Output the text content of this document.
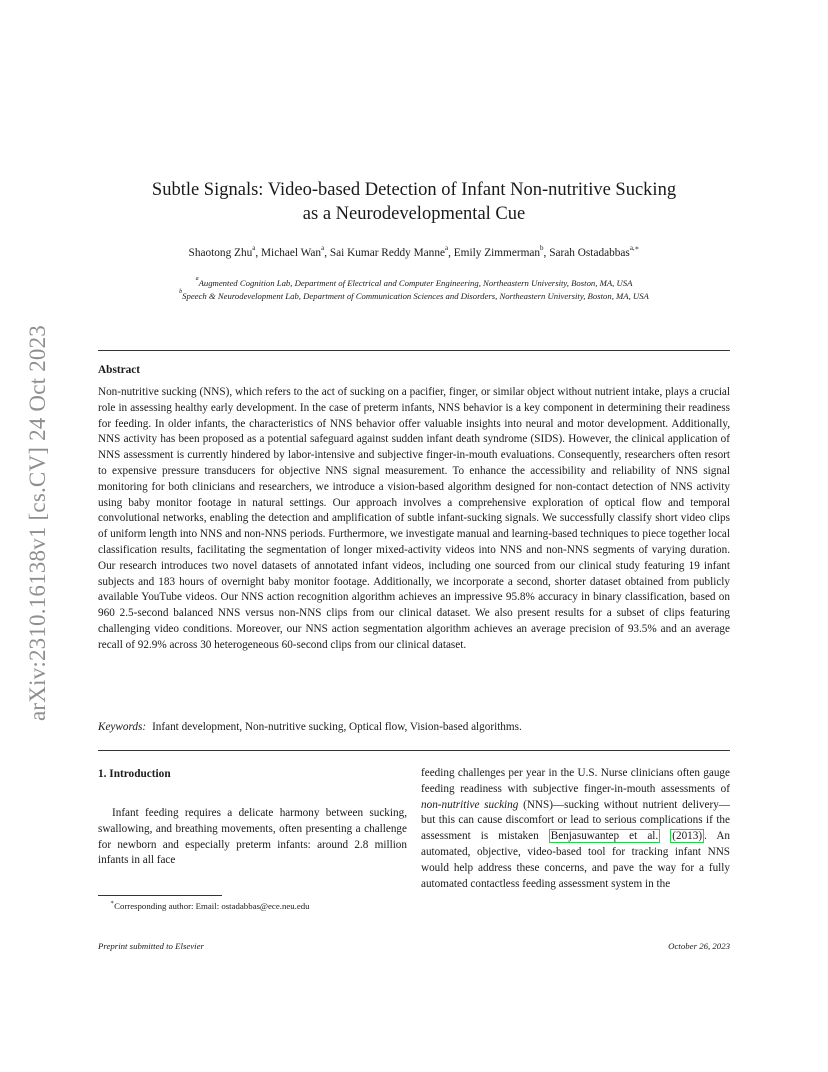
arXiv:2310.16138v1 [cs.CV] 24 Oct 2023
Subtle Signals: Video-based Detection of Infant Non-nutritive Sucking
as a Neurodevelopmental Cue
Shaotong Zhu$^a$, Michael Wan$^a$, Sai Kumar Reddy Manne$^a$, Emily Zimmerman$^b$, Sarah Ostadabbas$^{a,∗}$
$^a$Augmented Cognition Lab, Department of Electrical and Computer Engineering, Northeastern University, Boston, MA, USA
$^b$Speech & Neurodevelopment Lab, Department of Communication Sciences and Disorders, Northeastern University, Boston, MA, USA
Abstract
Non-nutritive sucking (NNS), which refers to the act of sucking on a pacifier, finger, or similar object without nutrient intake, plays a crucial role in assessing healthy early development. In the case of preterm infants, NNS behavior is a key component in determining their readiness for feeding. In older infants, the characteristics of NNS behavior offer valuable insights into neural and motor development. Additionally, NNS activity has been proposed as a potential safeguard against sudden infant death syndrome (SIDS). However, the clinical application of NNS assessment is currently hindered by labor-intensive and subjective finger-in-mouth evaluations. Consequently, researchers often resort to expensive pressure transducers for objective NNS signal measurement. To enhance the accessibility and reliability of NNS signal monitoring for both clinicians and researchers, we introduce a vision-based algorithm designed for non-contact detection of NNS activity using baby monitor footage in natural settings. Our approach involves a comprehensive exploration of optical flow and temporal convolutional networks, enabling the detection and amplification of subtle infant-sucking signals. We successfully classify short video clips of uniform length into NNS and non-NNS periods. Furthermore, we investigate manual and learning-based techniques to piece together local classification results, facilitating the segmentation of longer mixed-activity videos into NNS and non-NNS segments of varying duration. Our research introduces two novel datasets of annotated infant videos, including one sourced from our clinical study featuring 19 infant subjects and 183 hours of overnight baby monitor footage. Additionally, we incorporate a second, shorter dataset obtained from publicly available YouTube videos. Our NNS action recognition algorithm achieves an impressive 95.8% accuracy in binary classification, based on 960 2.5-second balanced NNS versus non-NNS clips from our clinical dataset. We also present results for a subset of clips featuring challenging video conditions. Moreover, our NNS action segmentation algorithm achieves an average precision of 93.5% and an average recall of 92.9% across 30 heterogeneous 60-second clips from our clinical dataset.
Keywords: Infant development, Non-nutritive sucking, Optical flow, Vision-based algorithms.
1. Introduction
Infant feeding requires a delicate harmony between sucking, swallowing, and breathing movements, often presenting a challenge for newborn and especially preterm infants: around 2.8 million infants in all face
feeding challenges per year in the U.S. Nurse clinicians often gauge feeding readiness with subjective finger-in-mouth assessments of non-nutritive sucking (NNS)—sucking without nutrient delivery—but this can cause discomfort or lead to serious complications if the assessment is mistaken Benjasuwantep et al. (2013) . An automated, objective, video-based tool for tracking infant NNS would help address these concerns, and pave the way for a fully automated contactless feeding assessment system in the
∗Corresponding author: Email: ostadabbas@ece.neu.edu
Preprint submitted to Elsevier	October 26, 2023
